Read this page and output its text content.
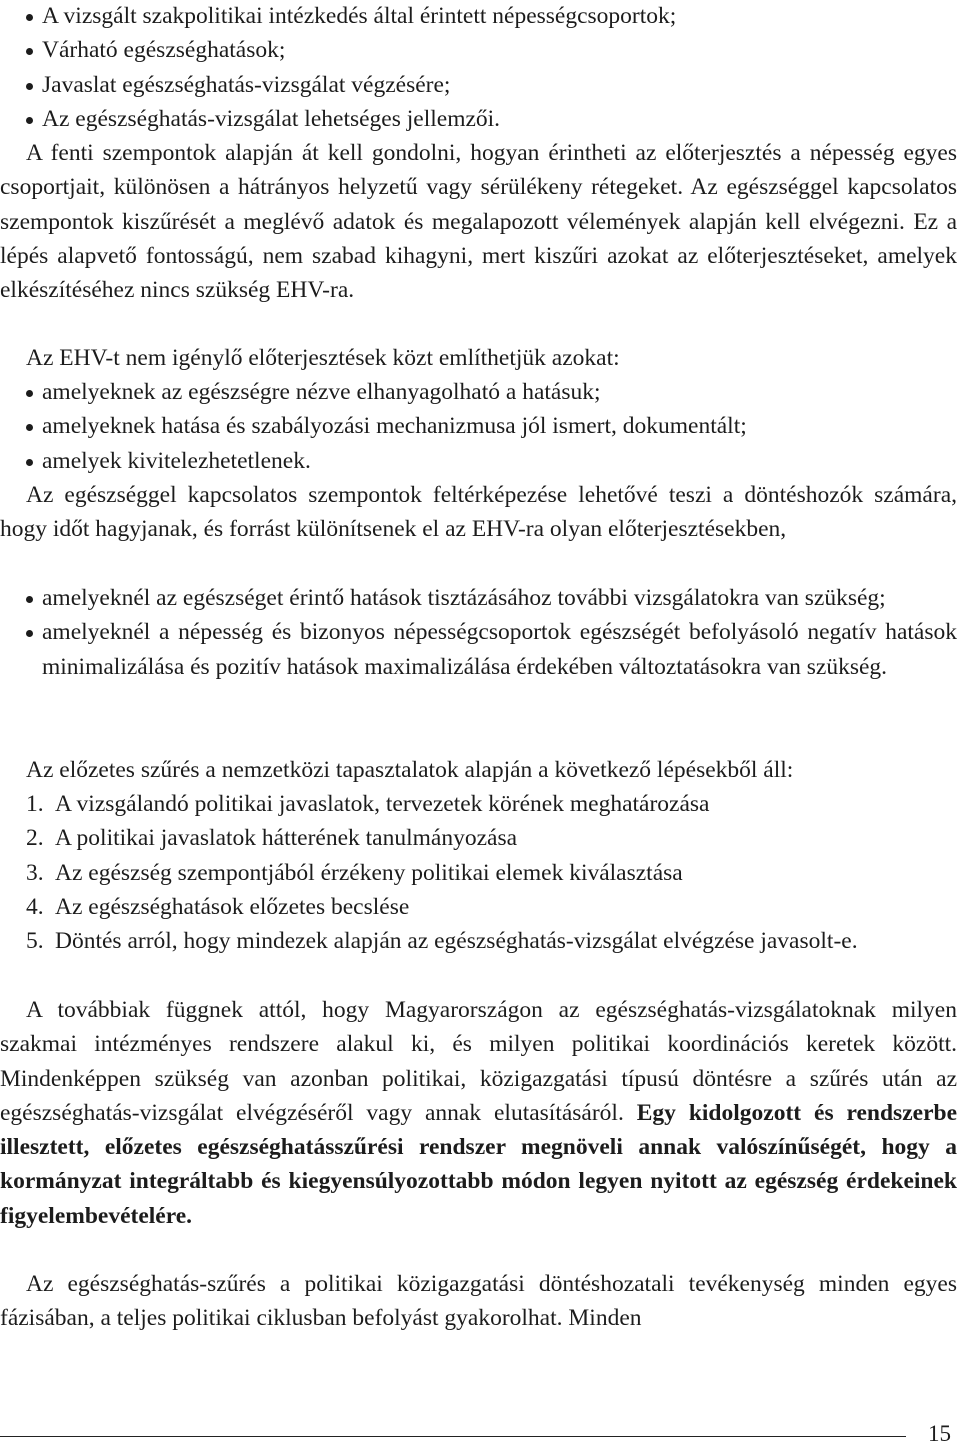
A vizsgált szakpolitikai intézkedés által érintett népességcsoportok;
Várható egészséghatások;
Javaslat egészséghatás-vizsgálat végzésére;
Az egészséghatás-vizsgálat lehetséges jellemzői.

A fenti szempontok alapján át kell gondolni, hogyan érintheti az előterjesztés a népesség egyes csoportjait, különösen a hátrányos helyzetű vagy sérülékeny rétegeket. Az egészséggel kapcsolatos szempontok kiszűrését a meglévő adatok és megalapozott vélemények alapján kell elvégezni. Ez a lépés alapvető fontosságú, nem szabad kihagyni, mert kiszűri azokat az előterjesztéseket, amelyek elkészítéséhez nincs szükség EHV-ra.

Az EHV-t nem igénylő előterjesztések közt említhetjük azokat:

amelyeknek az egészségre nézve elhanyagolható a hatásuk;
amelyeknek hatása és szabályozási mechanizmusa jól ismert, dokumentált;
amelyek kivitelezhetetlenek.

Az egészséggel kapcsolatos szempontok feltérképezése lehetővé teszi a döntéshozók számára, hogy időt hagyjanak, és forrást különítsenek el az EHV-ra olyan előterjesztésekben,

amelyeknél az egészséget érintő hatások tisztázásához további vizsgálatokra van szükség;
amelyeknél a népesség és bizonyos népességcsoportok egészségét befolyásoló negatív hatások minimalizálása és pozitív hatások maximalizálása érdekében változtatásokra van szükség.

Az előzetes szűrés a nemzetközi tapasztalatok alapján a következő lépésekből áll:

1. A vizsgálandó politikai javaslatok, tervezetek körének meghatározása
2. A politikai javaslatok hátterének tanulmányozása
3. Az egészség szempontjából érzékeny politikai elemek kiválasztása
4. Az egészséghatások előzetes becslése
5. Döntés arról, hogy mindezek alapján az egészséghatás-vizsgálat elvégzése javasolt-e.

A továbbiak függnek attól, hogy Magyarországon az egészséghatás-vizsgálatoknak milyen szakmai intézményes rendszere alakul ki, és milyen politikai koordinációs keretek között. Mindenképpen szükség van azonban politikai, közigazgatási típusú döntésre a szűrés után az egészséghatás-vizsgálat elvégzéséről vagy annak elutasításáról. Egy kidolgozott és rendszerbe illesztett, előzetes egészséghatásszűrési rendszer megnöveli annak valószínűségét, hogy a kormányzat integráltabb és kiegyensúlyozottabb módon legyen nyitott az egészség érdekeinek figyelembevételére.

Az egészséghatás-szűrés a politikai közigazgatási döntéshozatali tevékenység minden egyes fázisában, a teljes politikai ciklusban befolyást gyakorolhat. Minden

15
